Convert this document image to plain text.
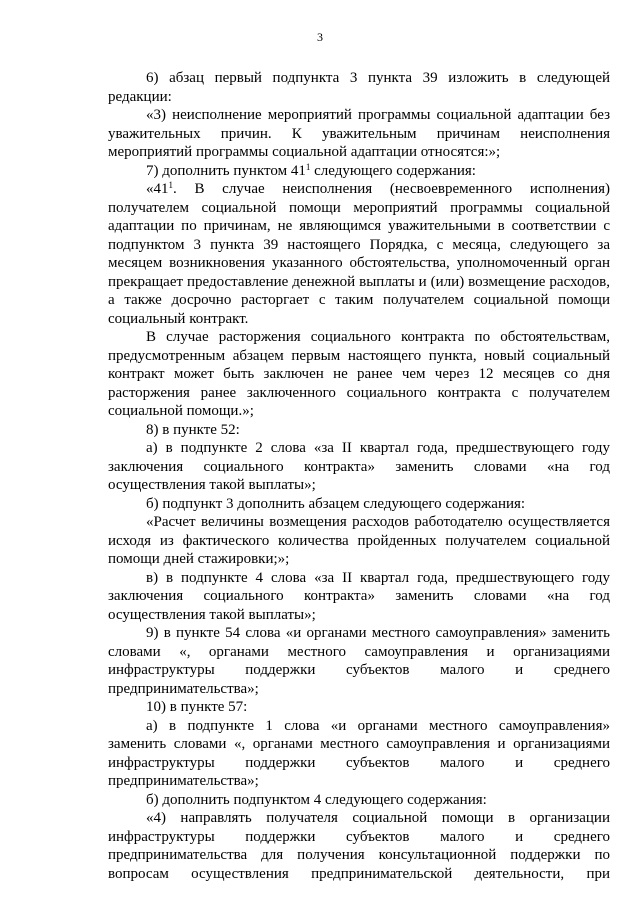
3

6) абзац первый подпункта 3 пункта 39 изложить в следующей редакции:

«3) неисполнение мероприятий программы социальной адаптации без уважительных причин. К уважительным причинам неисполнения мероприятий программы социальной адаптации относятся:»;

7) дополнить пунктом $41^1$ следующего содержания:

«$41^1$. В случае неисполнения (несвоевременного исполнения) получателем социальной помощи мероприятий программы социальной адаптации по причинам, не являющимся уважительными в соответствии с подпунктом 3 пункта 39 настоящего Порядка, с месяца, следующего за месяцем возникновения указанного обстоятельства, уполномоченный орган прекращает предоставление денежной выплаты и (или) возмещение расходов, а также досрочно расторгает с таким получателем социальной помощи социальный контракт.

В случае расторжения социального контракта по обстоятельствам, предусмотренным абзацем первым настоящего пункта, новый социальный контракт может быть заключен не ранее чем через 12 месяцев со дня расторжения ранее заключенного социального контракта с получателем социальной помощи.»;

8) в пункте 52:

а) в подпункте 2 слова «за II квартал года, предшествующего году заключения социального контракта» заменить словами «на год осуществления такой выплаты»;

б) подпункт 3 дополнить абзацем следующего содержания:

«Расчет величины возмещения расходов работодателю осуществляется исходя из фактического количества пройденных получателем социальной помощи дней стажировки;»;

в) в подпункте 4 слова «за II квартал года, предшествующего году заключения социального контракта» заменить словами «на год осуществления такой выплаты»;

9) в пункте 54 слова «и органами местного самоуправления» заменить словами «, органами местного самоуправления и организациями инфраструктуры поддержки субъектов малого и среднего предпринимательства»;

10) в пункте 57:

а) в подпункте 1 слова «и органами местного самоуправления» заменить словами «, органами местного самоуправления и организациями инфраструктуры поддержки субъектов малого и среднего предпринимательства»;

б) дополнить подпунктом 4 следующего содержания:

«4) направлять получателя социальной помощи в организации инфраструктуры поддержки субъектов малого и среднего предпринимательства для получения консультационной поддержки по вопросам осуществления предпринимательской деятельности, при
